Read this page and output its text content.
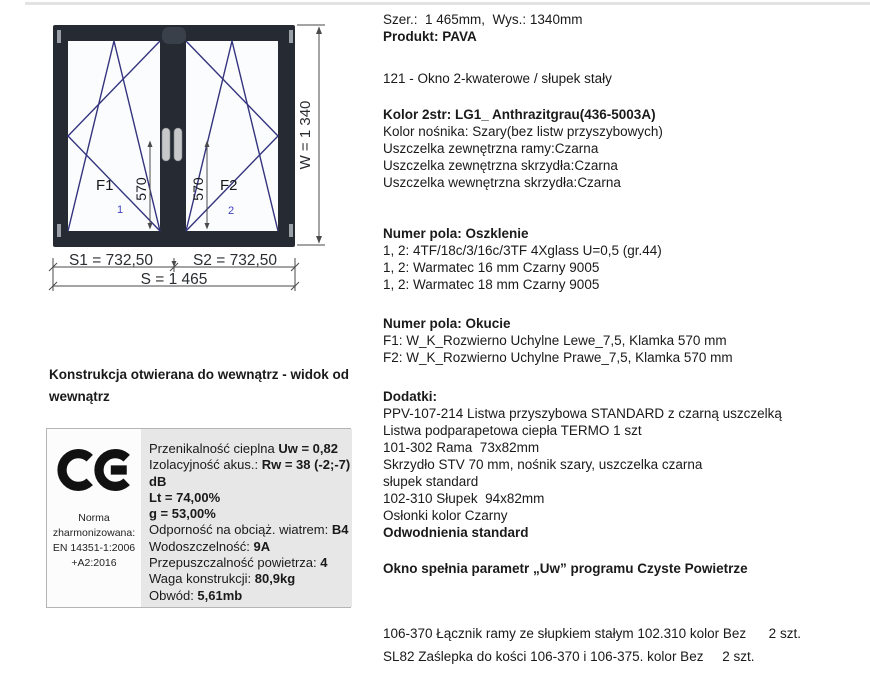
F1	F2
1	2
570	570
W = 1 340
S1 = 732,50	S2 = 732,50
S = 1 465
Konstrukcja otwierana do wewnątrz - widok od
wewnątrz
Norma
zharmonizowana:
EN 14351-1:2006
+A2:2016
Przenikalność cieplna Uw = 0,82
Izolacyjność akus.: Rw = 38 (-2;-7)
dB
Lt = 74,00%
g = 53,00%
Odporność na obciąż. wiatrem: B4
Wodoszczelność: 9A
Przepuszczalność powietrza: 4
Waga konstrukcji: 80,9kg
Obwód: 5,61mb
Szer.:  1 465mm,  Wys.: 1340mm
Produkt: PAVA
121 - Okno 2-kwaterowe / słupek stały
Kolor 2str: LG1_ Anthrazitgrau(436-5003A)
Kolor nośnika: Szary(bez listw przyszybowych)
Uszczelka zewnętrzna ramy:Czarna
Uszczelka zewnętrzna skrzydła:Czarna
Uszczelka wewnętrzna skrzydła:Czarna
Numer pola: Oszklenie
1, 2: 4TF/18c/3/16c/3TF 4Xglass U=0,5 (gr.44)
1, 2: Warmatec 16 mm Czarny 9005
1, 2: Warmatec 18 mm Czarny 9005
Numer pola: Okucie
F1: W_K_Rozwierno Uchylne Lewe_7,5, Klamka 570 mm
F2: W_K_Rozwierno Uchylne Prawe_7,5, Klamka 570 mm
Dodatki:
PPV-107-214 Listwa przyszybowa STANDARD z czarną uszczelką
Listwa podparapetowa ciepła TERMO 1 szt
101-302 Rama  73x82mm
Skrzydło STV 70 mm, nośnik szary, uszczelka czarna
słupek standard
102-310 Słupek  94x82mm
Osłonki kolor Czarny
Odwodnienia standard
Okno spełnia parametr „Uw” programu Czyste Powietrze
106-370 Łącznik ramy ze słupkiem stałym 102.310 kolor Bez      2 szt.
SL82 Zaślepka do kości 106-370 i 106-375. kolor Bez     2 szt.
